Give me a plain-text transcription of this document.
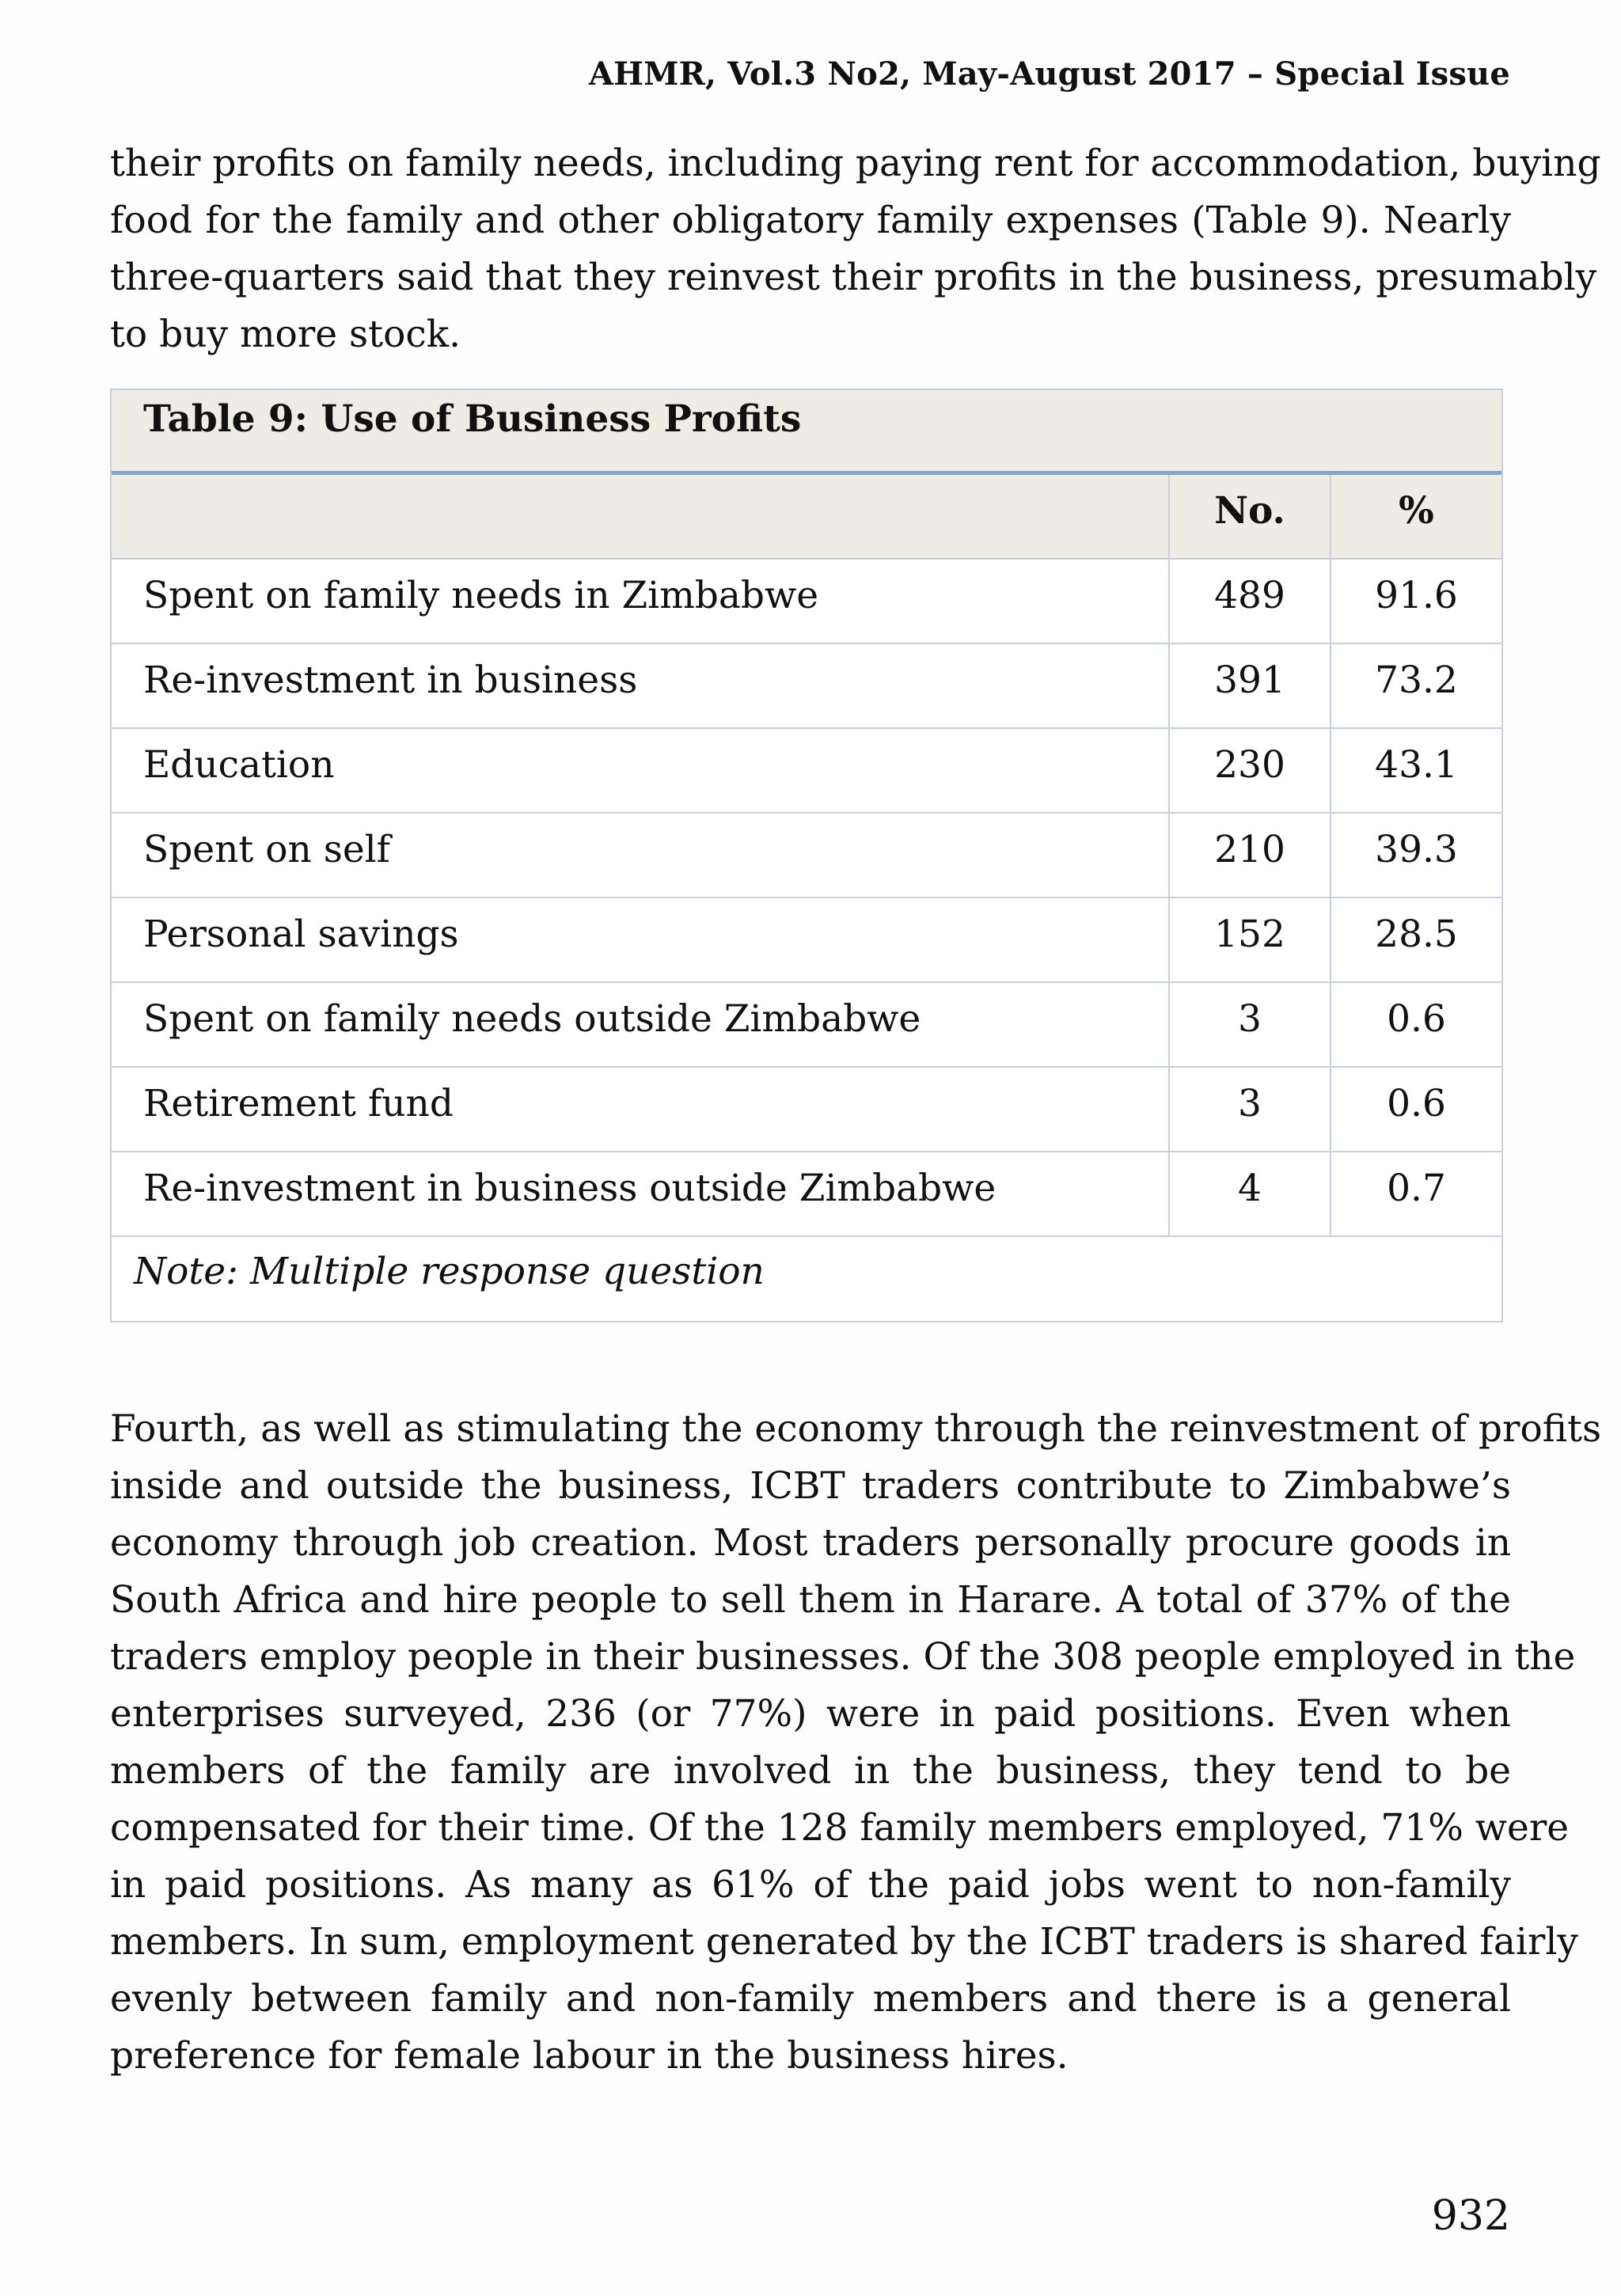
AHMR, Vol.3 No2, May-August 2017 – Special Issue
their profits on family needs, including paying rent for accommodation, buying
food for the family and other obligatory family expenses (Table 9). Nearly
three-quarters said that they reinvest their profits in the business, presumably
to buy more stock.
Table 9: Use of Business Profits
No.	%
Spent on family needs in Zimbabwe	489	91.6
Re-investment in business	391	73.2
Education	230	43.1
Spent on self	210	39.3
Personal savings	152	28.5
Spent on family needs outside Zimbabwe	3	0.6
Retirement fund	3	0.6
Re-investment in business outside Zimbabwe	4	0.7
Note: Multiple response question
Fourth, as well as stimulating the economy through the reinvestment of profits
inside and outside the business, ICBT traders contribute to Zimbabwe’s
economy through job creation. Most traders personally procure goods in
South Africa and hire people to sell them in Harare. A total of 37% of the
traders employ people in their businesses. Of the 308 people employed in the
enterprises surveyed, 236 (or 77%) were in paid positions. Even when
members of the family are involved in the business, they tend to be
compensated for their time. Of the 128 family members employed, 71% were
in paid positions. As many as 61% of the paid jobs went to non-family
members. In sum, employment generated by the ICBT traders is shared fairly
evenly between family and non-family members and there is a general
preference for female labour in the business hires.
932
